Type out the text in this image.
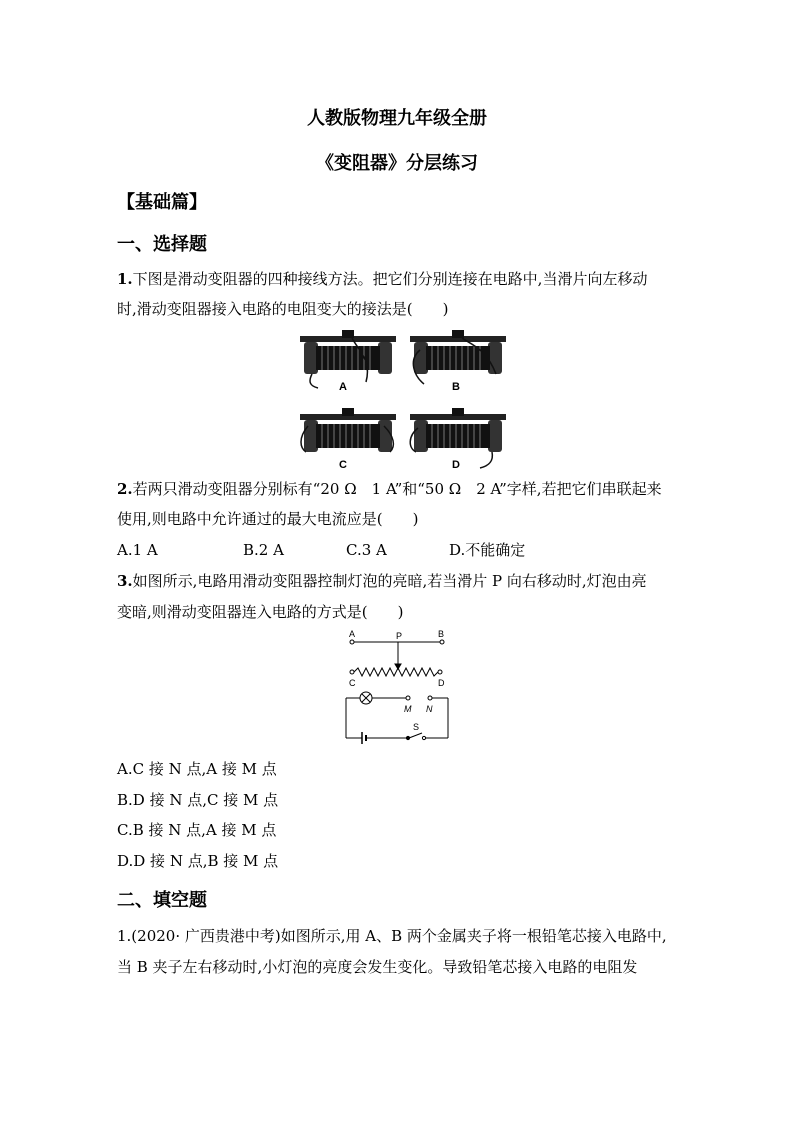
人教版物理九年级全册
《变阻器》分层练习
【基础篇】
一、选择题
1.下图是滑动变阻器的四种接线方法。把它们分别连接在电路中,当滑片向左移动
时,滑动变阻器接入电路的电阻变大的接法是(　　)
A	B
C	D
2.若两只滑动变阻器分别标有“20 Ω　1 A”和“50 Ω　2 A”字样,若把它们串联起来
使用,则电路中允许通过的最大电流应是(　　)
A.1 A	B.2 A	C.3 A	D.不能确定
3.如图所示,电路用滑动变阻器控制灯泡的亮暗,若当滑片 P 向右移动时,灯泡由亮
变暗,则滑动变阻器连入电路的方式是(　　)
A	P	B
C	D
M N
S
A.C 接 N 点,A 接 M 点
B.D 接 N 点,C 接 M 点
C.B 接 N 点,A 接 M 点
D.D 接 N 点,B 接 M 点
二、填空题
1.(2020· 广西贵港中考)如图所示,用 A、B 两个金属夹子将一根铅笔芯接入电路中,
当 B 夹子左右移动时,小灯泡的亮度会发生变化。导致铅笔芯接入电路的电阻发
